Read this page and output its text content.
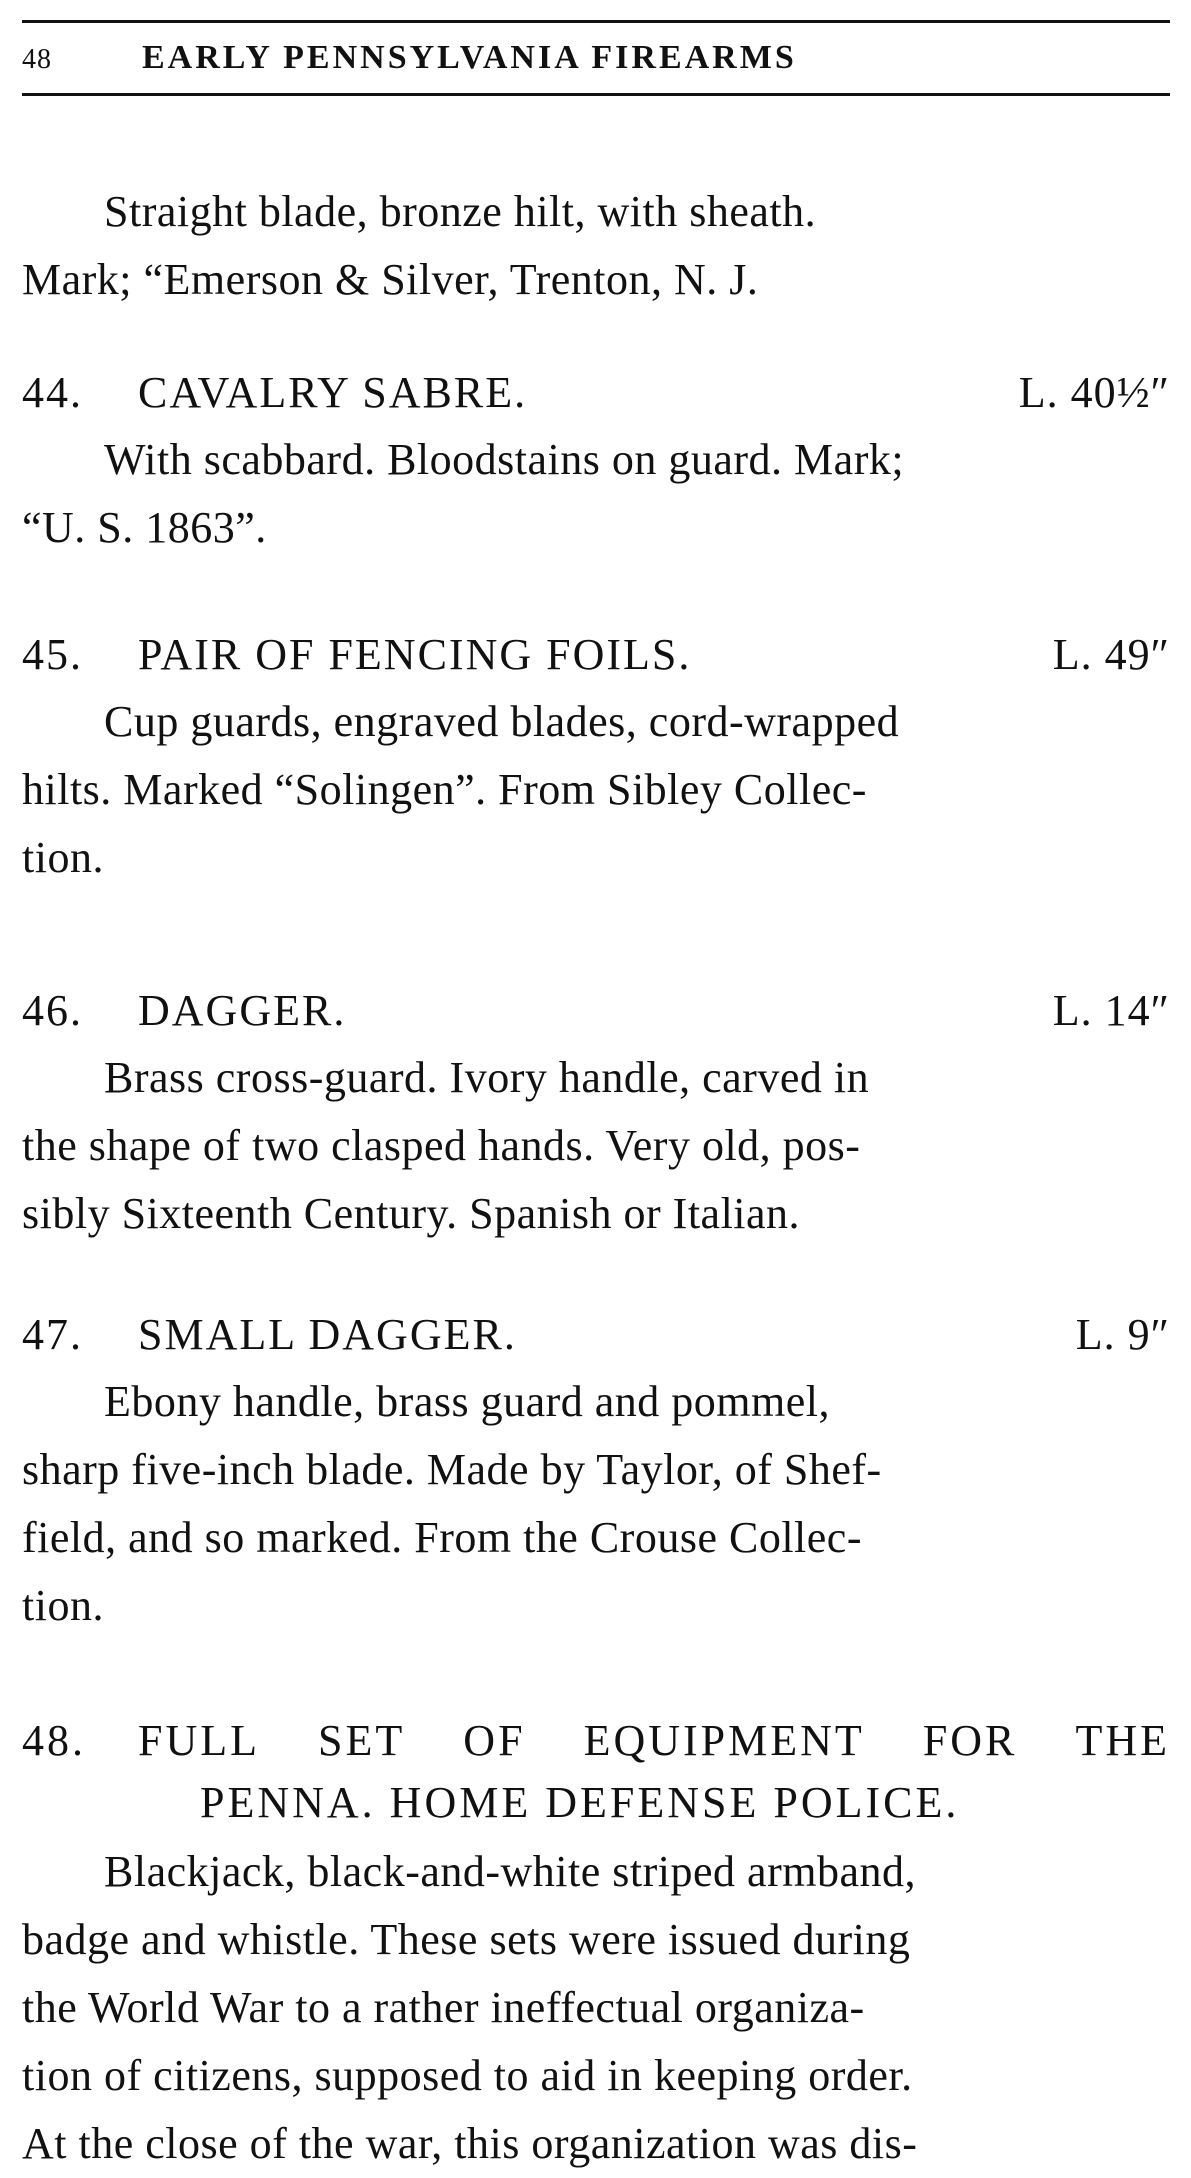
48	EARLY PENNSYLVANIA FIREARMS
Straight blade, bronze hilt, with sheath.
Mark; “Emerson & Silver, Trenton, N. J.
44.	CAVALRY SABRE.	L. 40½″
With scabbard. Bloodstains on guard. Mark;
“U. S. 1863”.
45.	PAIR OF FENCING FOILS.	L. 49″
Cup guards, engraved blades, cord-wrapped
hilts. Marked “Solingen”. From Sibley Collec-
tion.
46.	DAGGER.	L. 14″
Brass cross-guard. Ivory handle, carved in
the shape of two clasped hands. Very old, pos-
sibly Sixteenth Century. Spanish or Italian.
47.	SMALL DAGGER.	L. 9″
Ebony handle, brass guard and pommel,
sharp five-inch blade. Made by Taylor, of Shef-
field, and so marked. From the Crouse Collec-
tion.
48.	FULL SET OF EQUIPMENT FOR THE
PENNA. HOME DEFENSE POLICE.
Blackjack, black-and-white striped armband,
badge and whistle. These sets were issued during
the World War to a rather ineffectual organiza-
tion of citizens, supposed to aid in keeping order.
At the close of the war, this organization was dis-
